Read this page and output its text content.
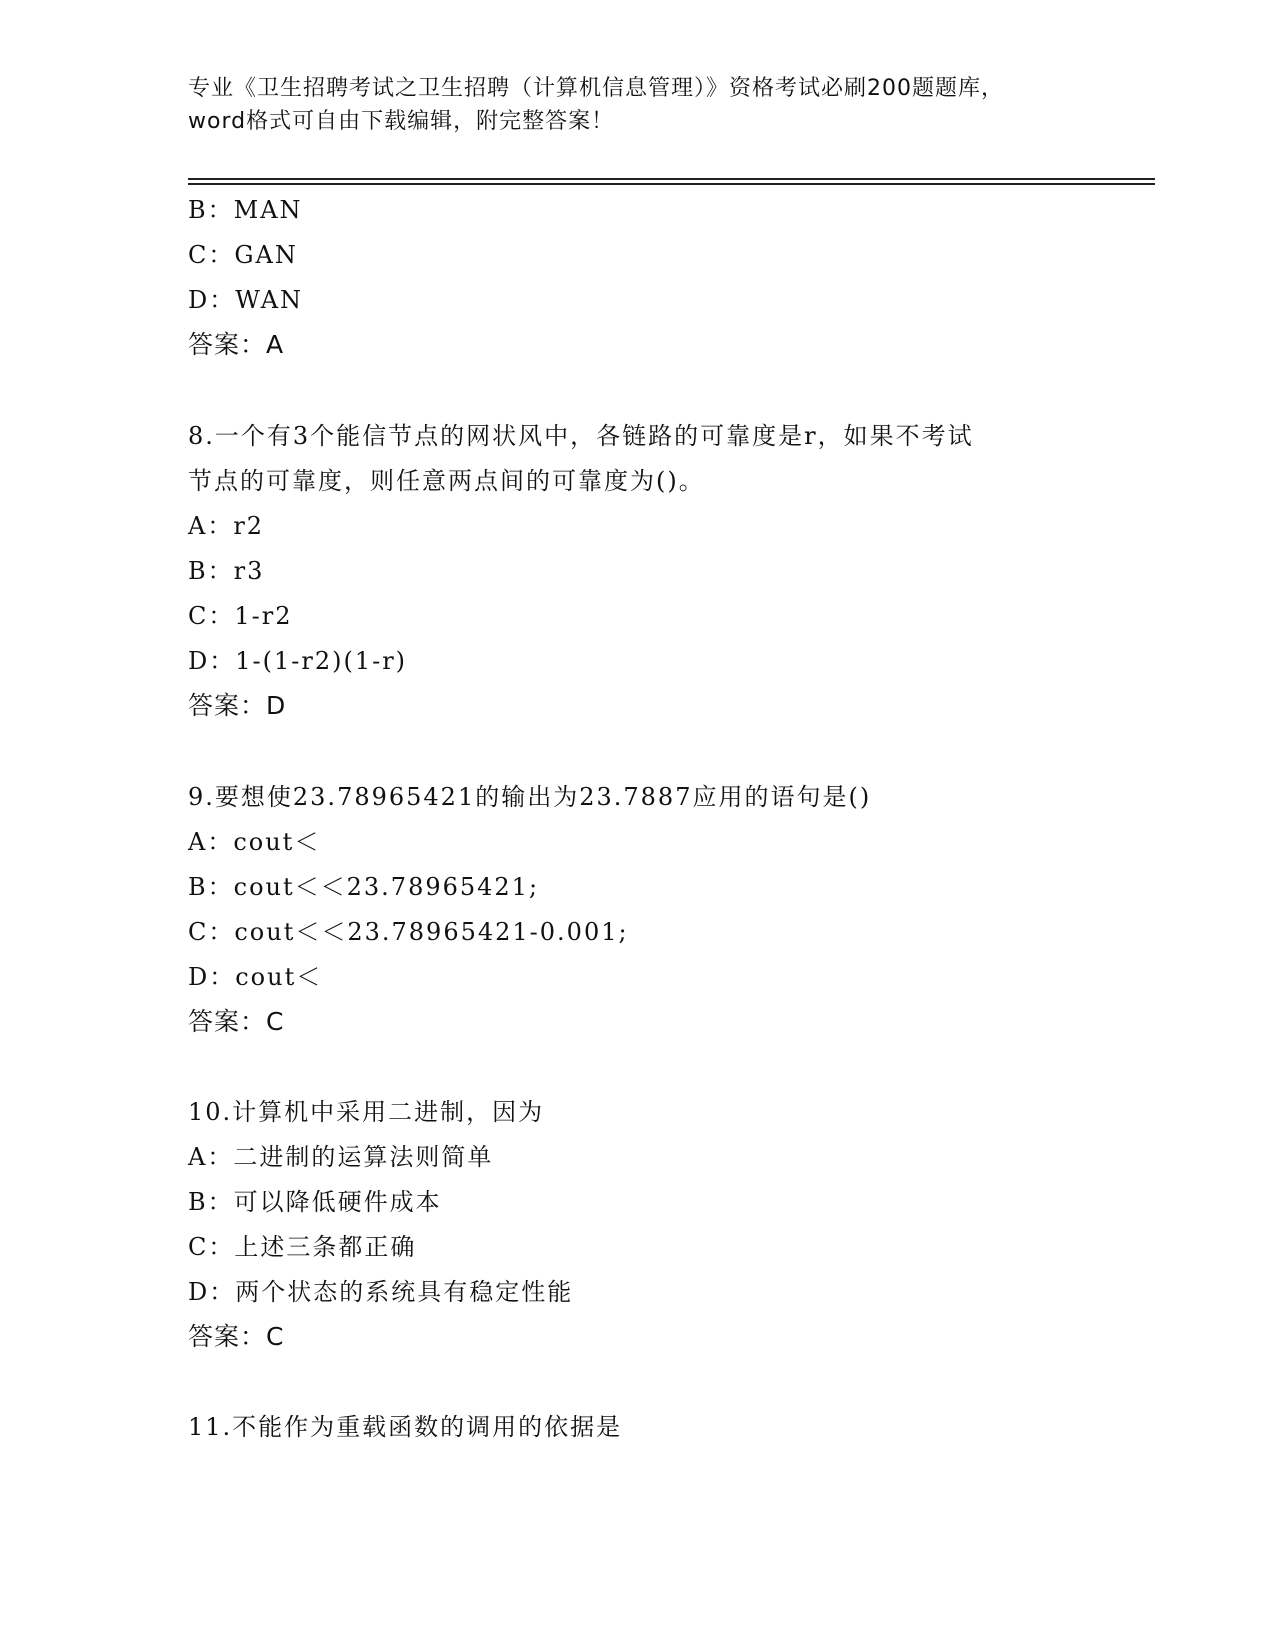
专业《卫生招聘考试之卫生招聘（计算机信息管理）》资格考试必刷200题题库，
word格式可自由下载编辑，附完整答案！
B：MAN
C：GAN
D：WAN
答案：A
8.一个有3个能信节点的网状风中，各链路的可靠度是r，如果不考试
节点的可靠度，则任意两点间的可靠度为()。
A：r2
B：r3
C：1-r2
D：1-(1-r2)(1-r)
答案：D
9.要想使23.78965421的输出为23.7887应用的语句是()
A：cout＜
B：cout＜＜23.78965421;
C：cout＜＜23.78965421-0.001;
D：cout＜
答案：C
10.计算机中采用二进制，因为
A：二进制的运算法则简单
B：可以降低硬件成本
C：上述三条都正确
D：两个状态的系统具有稳定性能
答案：C
11.不能作为重载函数的调用的依据是
